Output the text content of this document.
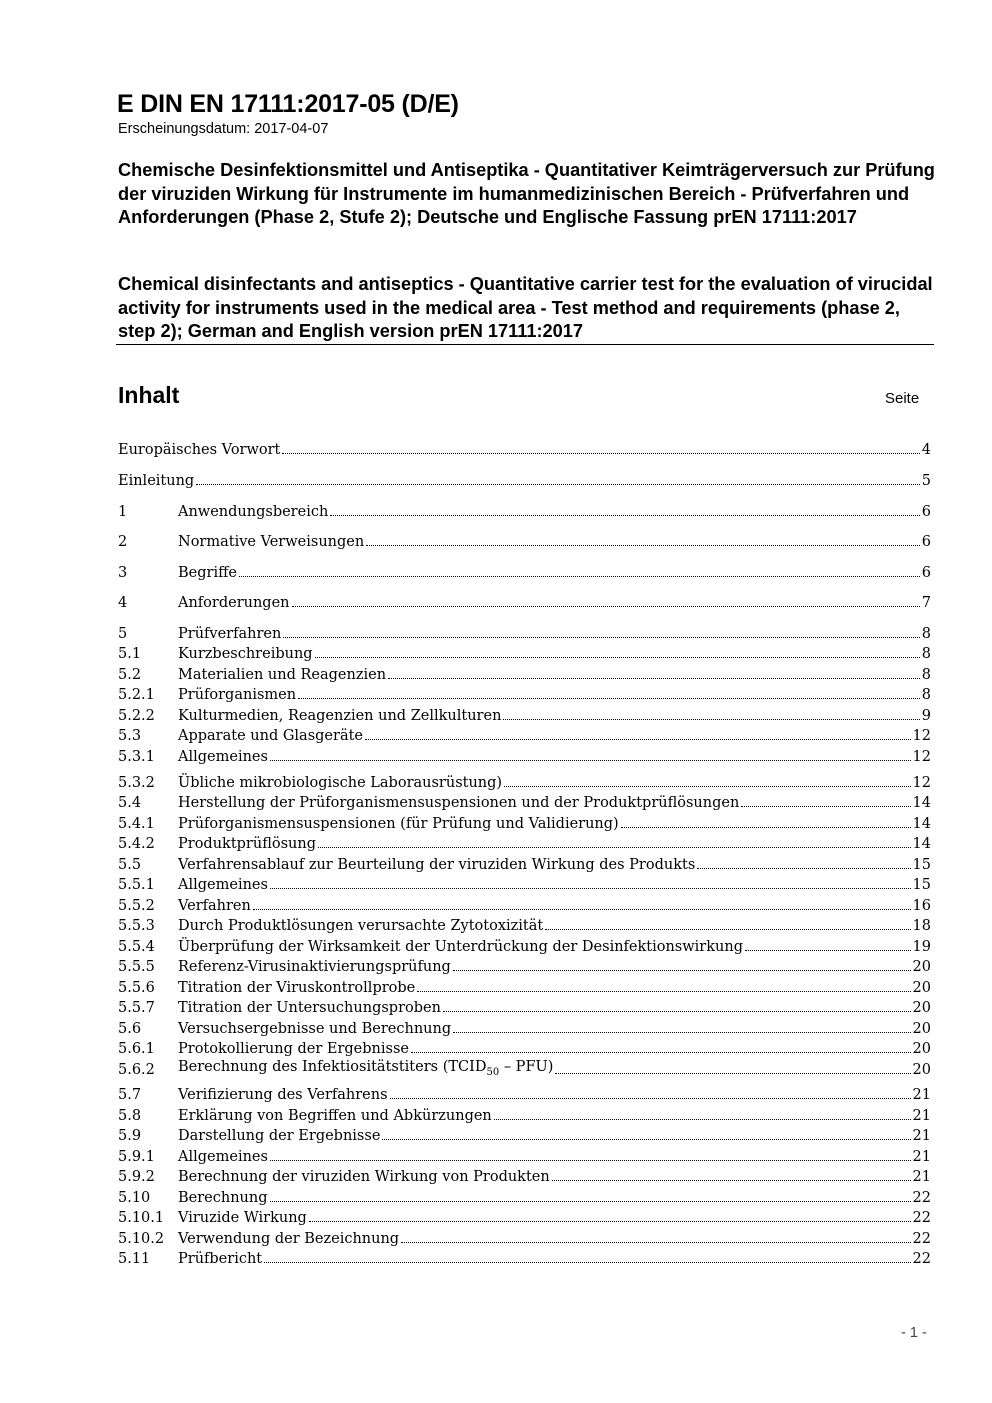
E DIN EN 17111:2017-05 (D/E)

Erscheinungsdatum: 2017-04-07

Chemische Desinfektionsmittel und Antiseptika - Quantitativer Keimträgerversuch zur Prüfung der viruziden Wirkung für Instrumente im humanmedizinischen Bereich - Prüfverfahren und Anforderungen (Phase 2, Stufe 2); Deutsche und Englische Fassung prEN 17111:2017

Chemical disinfectants and antiseptics - Quantitative carrier test for the evaluation of virucidal activity for instruments used in the medical area - Test method and requirements (phase 2, step 2); German and English version prEN 17111:2017

Inhalt	Seite
Europäisches Vorwort	4
Einleitung	5
1	Anwendungsbereich	6
2	Normative Verweisungen	6
3	Begriffe	6
4	Anforderungen	7
5	Prüfverfahren	8
5.1	Kurzbeschreibung	8
5.2	Materialien und Reagenzien	8
5.2.1	Prüforganismen	8
5.2.2	Kulturmedien, Reagenzien und Zellkulturen	9
5.3	Apparate und Glasgeräte	12
5.3.1	Allgemeines	12
5.3.2	Übliche mikrobiologische Laborausrüstung)	12
5.4	Herstellung der Prüforganismensuspensionen und der Produktprüflösungen	14
5.4.1	Prüforganismensuspensionen (für Prüfung und Validierung)	14
5.4.2	Produktprüflösung	14
5.5	Verfahrensablauf zur Beurteilung der viruziden Wirkung des Produkts	15
5.5.1	Allgemeines	15
5.5.2	Verfahren	16
5.5.3	Durch Produktlösungen verursachte Zytotoxizität	18
5.5.4	Überprüfung der Wirksamkeit der Unterdrückung der Desinfektionswirkung	19
5.5.5	Referenz-Virusinaktivierungsprüfung	20
5.5.6	Titration der Viruskontrollprobe	20
5.5.7	Titration der Untersuchungsproben	20
5.6	Versuchsergebnisse und Berechnung	20
5.6.1	Protokollierung der Ergebnisse	20
5.6.2	Berechnung des Infektiositätstiters $(TCID_{50} - PFU)$	20
5.7	Verifizierung des Verfahrens	21
5.8	Erklärung von Begriffen und Abkürzungen	21
5.9	Darstellung der Ergebnisse	21
5.9.1	Allgemeines	21
5.9.2	Berechnung der viruziden Wirkung von Produkten	21
5.10	Berechnung	22
5.10.1 Viruzide Wirkung	22
5.10.2 Verwendung der Bezeichnung	22
5.11	Prüfbericht	22
- 1 -
